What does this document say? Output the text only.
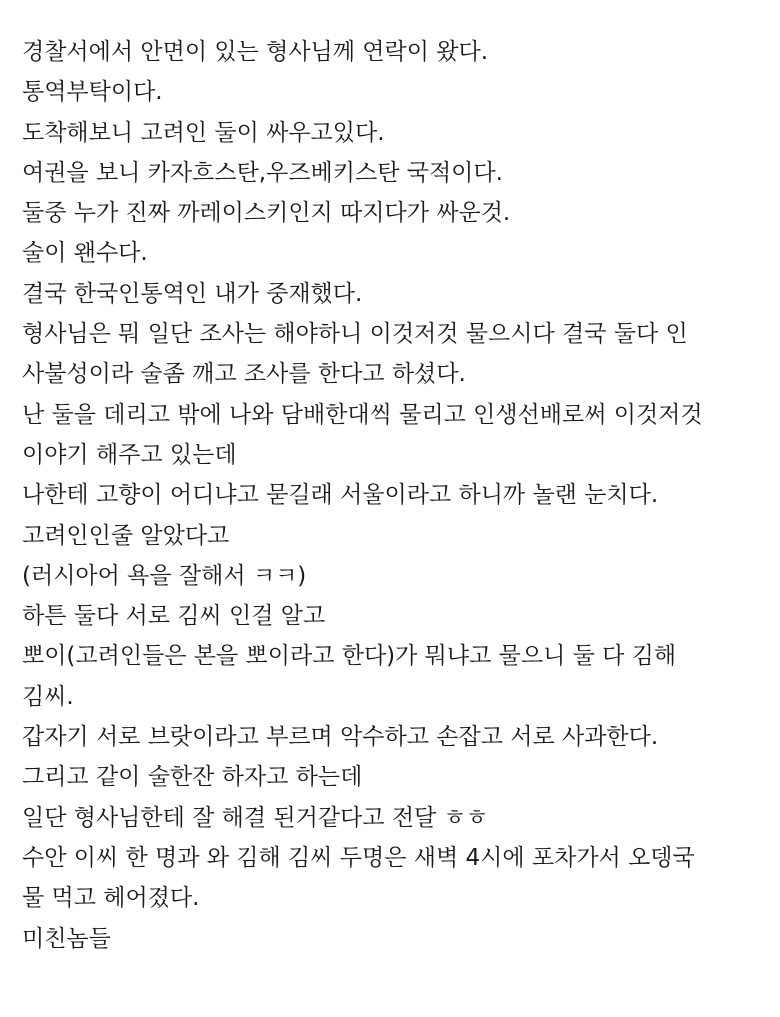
경찰서에서 안면이 있는 형사님께 연락이 왔다.
통역부탁이다.
도착해보니 고려인 둘이 싸우고있다.
여권을 보니 카자흐스탄,우즈베키스탄 국적이다.
둘중 누가 진짜 까레이스키인지 따지다가 싸운것.
술이 왠수다.
결국 한국인통역인 내가 중재했다.
형사님은 뭐 일단 조사는 해야하니 이것저것 물으시다 결국 둘다 인
사불성이라 술좀 깨고 조사를 한다고 하셨다.
난 둘을 데리고 밖에 나와 담배한대씩 물리고 인생선배로써 이것저것
이야기 해주고 있는데
나한테 고향이 어디냐고 묻길래 서울이라고 하니까 놀랜 눈치다.
고려인인줄 알았다고
(러시아어 욕을 잘해서 ㅋㅋ)
하튼 둘다 서로 김씨 인걸 알고
뽀이(고려인들은 본을 뽀이라고 한다)가 뭐냐고 물으니 둘 다 김해
김씨.
갑자기 서로 브랏이라고 부르며 악수하고 손잡고 서로 사과한다.
그리고 같이 술한잔 하자고 하는데
일단 형사님한테 잘 해결 된거같다고 전달 ㅎㅎ
수안 이씨 한 명과 와 김해 김씨 두명은 새벽 4시에 포차가서 오뎅국
물 먹고 헤어졌다.
미친놈들
